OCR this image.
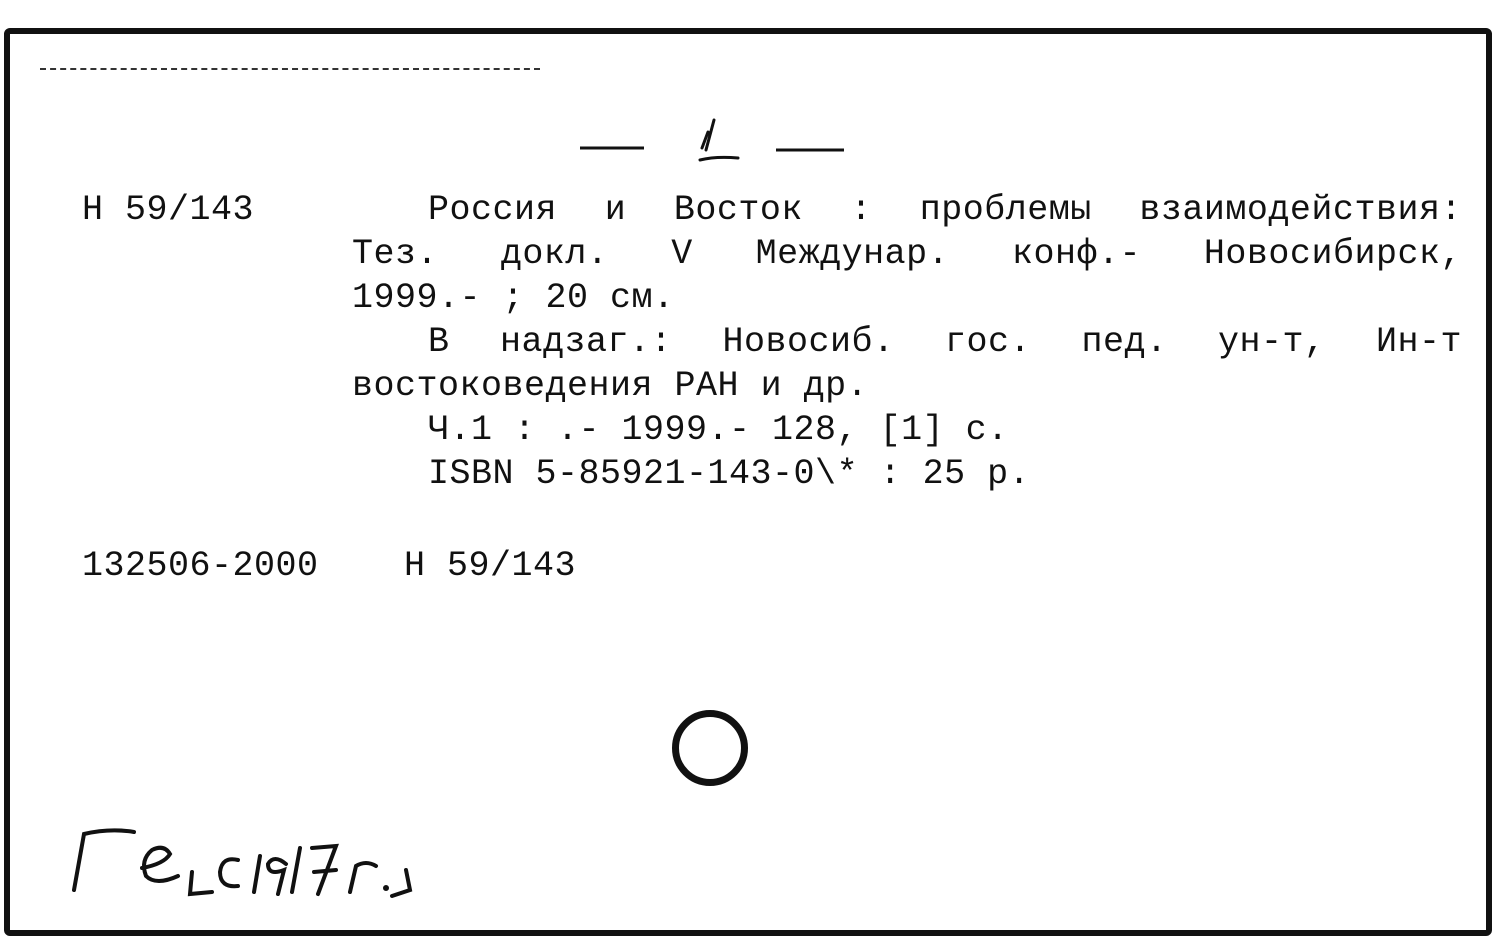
1
Н 59/143	Россия и Восток : проблемы взаимодействия:
Тез. докл. V Междунар. конф.- Новосибирск,
1999.- ; 20 см.
В надзаг.: Новосиб. гос. пед. ун-т, Ин-т
востоковедения РАН и др.
Ч.1 : .- 1999.- 128, [1] с.
ISBN 5-85921-143-0\* : 25 р.
132506-2000 Н 59/143
Ге с 1917г.
